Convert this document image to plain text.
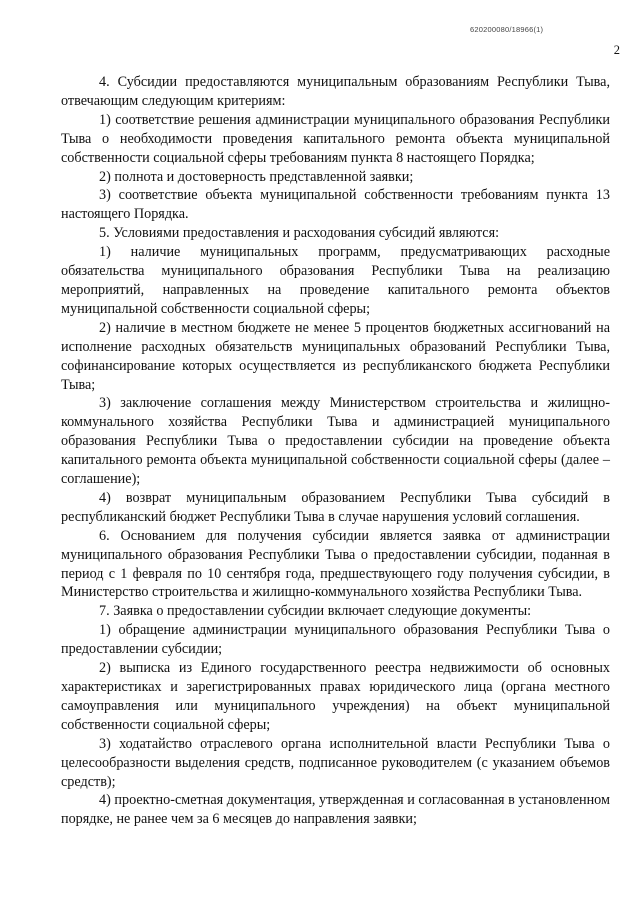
620200080/18966(1)
2

4. Субсидии предоставляются муниципальным образованиям Республики Тыва, отвечающим следующим критериям:

1) соответствие решения администрации муниципального образования Республики Тыва о необходимости проведения капитального ремонта объекта муниципальной собственности социальной сферы требованиям пункта 8 настоящего Порядка;

2) полнота и достоверность представленной заявки;

3) соответствие объекта муниципальной собственности требованиям пункта 13 настоящего Порядка.

5. Условиями предоставления и расходования субсидий являются:

1) наличие муниципальных программ, предусматривающих расходные обязательства муниципального образования Республики Тыва на реализацию мероприятий, направленных на проведение капитального ремонта объектов муниципальной собственности социальной сферы;

2) наличие в местном бюджете не менее 5 процентов бюджетных ассигнований на исполнение расходных обязательств муниципальных образований Республики Тыва, софинансирование которых осуществляется из республиканского бюджета Республики Тыва;

3) заключение соглашения между Министерством строительства и жилищно-коммунального хозяйства Республики Тыва и администрацией муниципального образования Республики Тыва о предоставлении субсидии на проведение объекта капитального ремонта объекта муниципальной собственности социальной сферы (далее – соглашение);

4) возврат муниципальным образованием Республики Тыва субсидий в республиканский бюджет Республики Тыва в случае нарушения условий соглашения.

6. Основанием для получения субсидии является заявка от администрации муниципального образования Республики Тыва о предоставлении субсидии, поданная в период с 1 февраля по 10 сентября года, предшествующего году получения субсидии, в Министерство строительства и жилищно-коммунального хозяйства Республики Тыва.

7. Заявка о предоставлении субсидии включает следующие документы:

1) обращение администрации муниципального образования Республики Тыва о предоставлении субсидии;

2) выписка из Единого государственного реестра недвижимости об основных характеристиках и зарегистрированных правах юридического лица (органа местного самоуправления или муниципального учреждения) на объект муниципальной собственности социальной сферы;

3) ходатайство отраслевого органа исполнительной власти Республики Тыва о целесообразности выделения средств, подписанное руководителем (с указанием объемов средств);

4) проектно-сметная документация, утвержденная и согласованная в установленном порядке, не ранее чем за 6 месяцев до направления заявки;
